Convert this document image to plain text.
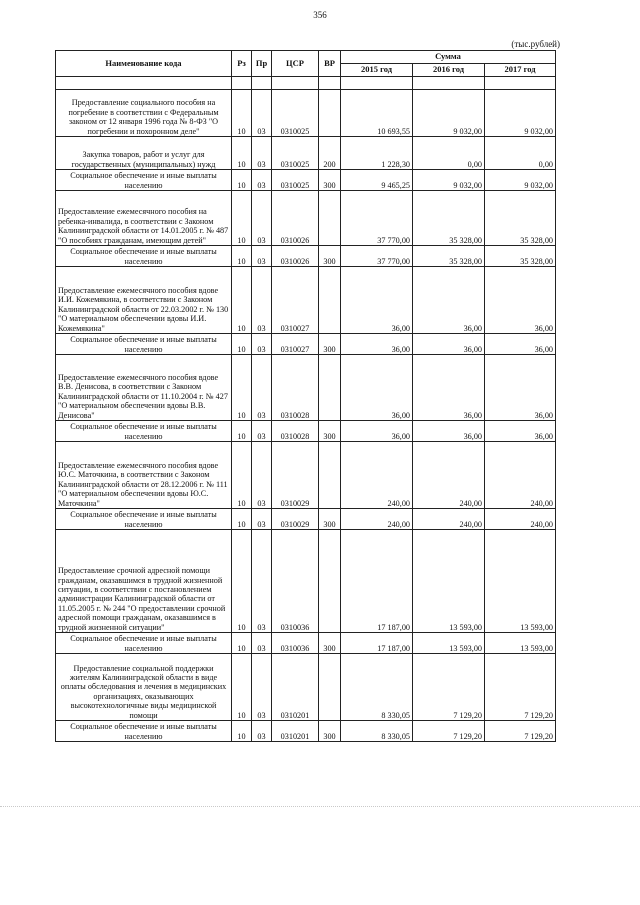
356
(тыс.рублей)
Наименование кода	Рз	Пр	ЦСР	ВР	Сумма		
					2015 год	2016 год	2017 год

Предоставление социального пособия на погребение в соответствии с Федеральным законом от 12 января 1996 года № 8-ФЗ "О погребении и похоронном деле"	10	03	0310025		10 693,55	9 032,00	9 032,00
Закупка товаров, работ и услуг для государственных (муниципальных) нужд	10	03	0310025	200	1 228,30	0,00	0,00
Социальное обеспечение и иные выплаты населению	10	03	0310025	300	9 465,25	9 032,00	9 032,00
Предоставление ежемесячного пособия на ребенка-инвалида, в соответствии с Законом Калининградской области от 14.01.2005 г. № 487 "О пособиях гражданам, имеющим детей"	10	03	0310026		37 770,00	35 328,00	35 328,00
Социальное обеспечение и иные выплаты населению	10	03	0310026	300	37 770,00	35 328,00	35 328,00
Предоставление ежемесячного пособия вдове И.И. Кожемякина, в соответствии с Законом Калининградской области от 22.03.2002 г. № 130 "О материальном обеспечении вдовы И.И. Кожемякина"	10	03	0310027		36,00	36,00	36,00
Социальное обеспечение и иные выплаты населению	10	03	0310027	300	36,00	36,00	36,00
Предоставление ежемесячного пособия вдове В.В. Денисова, в соответствии с Законом Калининградской области от 11.10.2004 г. № 427 "О материальном обеспечении вдовы В.В. Денисова"	10	03	0310028		36,00	36,00	36,00
Социальное обеспечение и иные выплаты населению	10	03	0310028	300	36,00	36,00	36,00
Предоставление ежемесячного пособия вдове Ю.С. Маточкина, в соответствии с Законом Калининградской области от 28.12.2006 г. № 111 "О материальном обеспечении вдовы Ю.С. Маточкина"	10	03	0310029		240,00	240,00	240,00
Социальное обеспечение и иные выплаты населению	10	03	0310029	300	240,00	240,00	240,00
Предоставление срочной адресной помощи гражданам, оказавшимся в трудной жизненной ситуации, в соответствии с постановлением администрации Калининградской области от 11.05.2005 г. № 244 "О предоставлении срочной адресной помощи гражданам, оказавшимся в трудной жизненной ситуации"	10	03	0310036		17 187,00	13 593,00	13 593,00
Социальное обеспечение и иные выплаты населению	10	03	0310036	300	17 187,00	13 593,00	13 593,00
Предоставление социальной поддержки жителям Калининградской области в виде оплаты обследования и лечения в медицинских организациях, оказывающих высокотехнологичные виды медицинской помощи	10	03	0310201		8 330,05	7 129,20	7 129,20
Социальное обеспечение и иные выплаты населению	10	03	0310201	300	8 330,05	7 129,20	7 129,20
